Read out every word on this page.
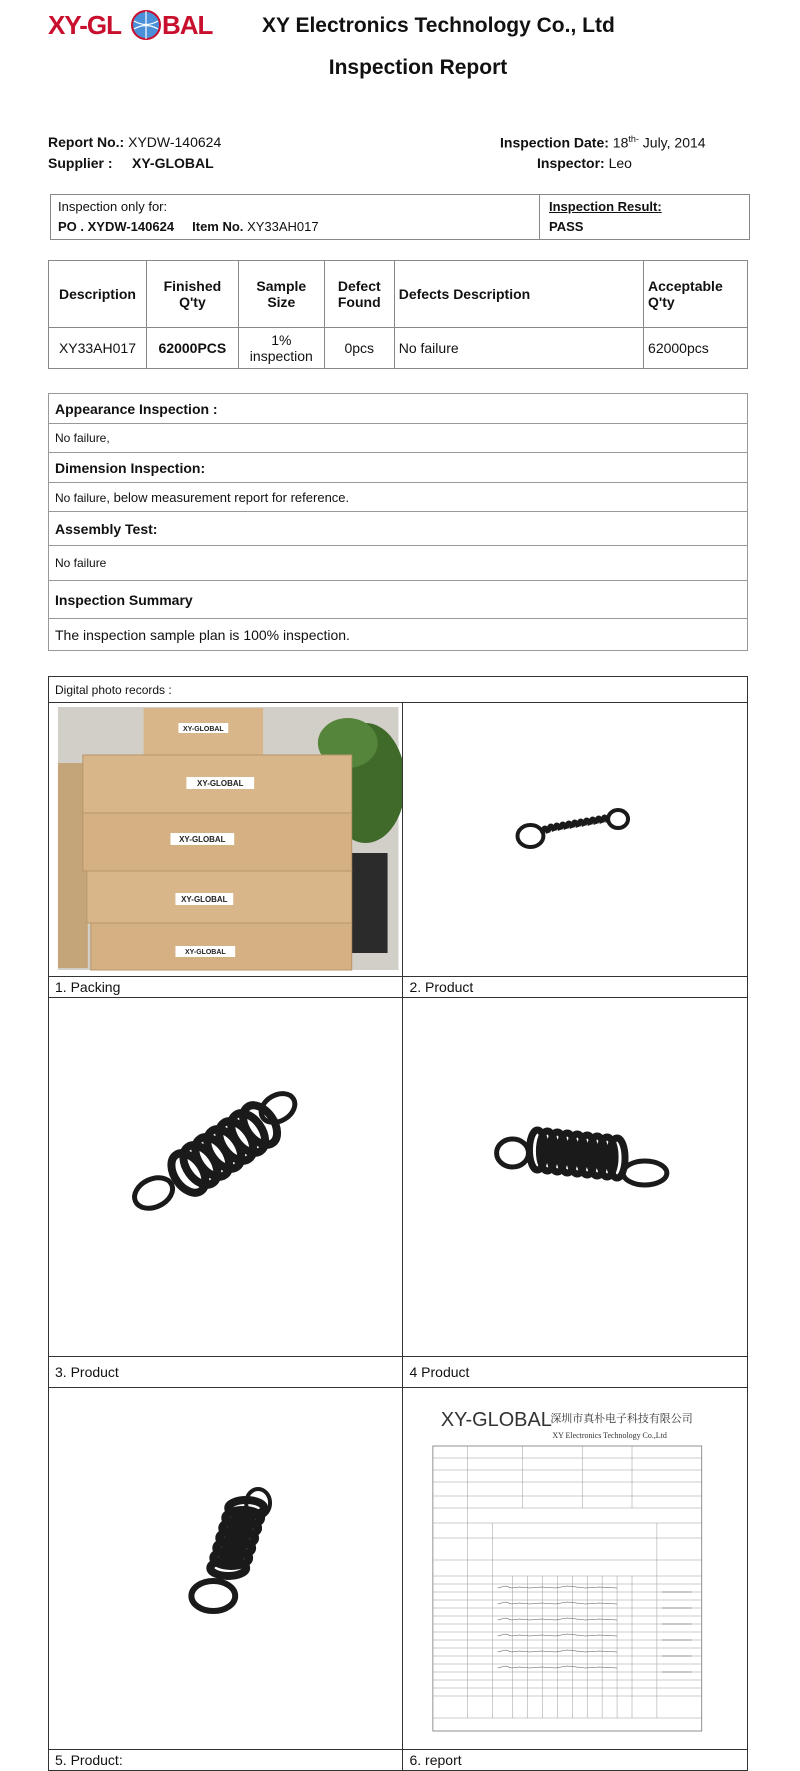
XY-GL BAL XY Electronics Technology Co., Ltd
Inspection Report
Report No.: XYDW-140624
Supplier : XY-GLOBAL
Inspection Date: $18^{th-}$ July, 2014
Inspector: Leo
Inspection only for:
PO . XYDW-140624 Item No. XY33AH017
Inspection Result:
PASS
Description	Finished Q'ty	Sample Size	Defect Found	Defects Description	Acceptable Q'ty
XY33AH017	62000PCS	1% inspection	0pcs	No failure	62000pcs
Appearance Inspection :
No failure,
Dimension Inspection:
No failure, below measurement report for reference.
Assembly Test:
No failure
Inspection Summary
The inspection sample plan is 100% inspection.
Digital photo records :	

XY-GLOBAL
XY-GLOBAL
XY-GLOBAL
XY-GLOBAL
XY-GLOBAL

1. Packing	2. Product

3. Product	4 Product

XY-GLOBAL
深圳市真朴电子科技有限公司
XY Electronics Technology Co.,Ltd

5. Product:	6. report
